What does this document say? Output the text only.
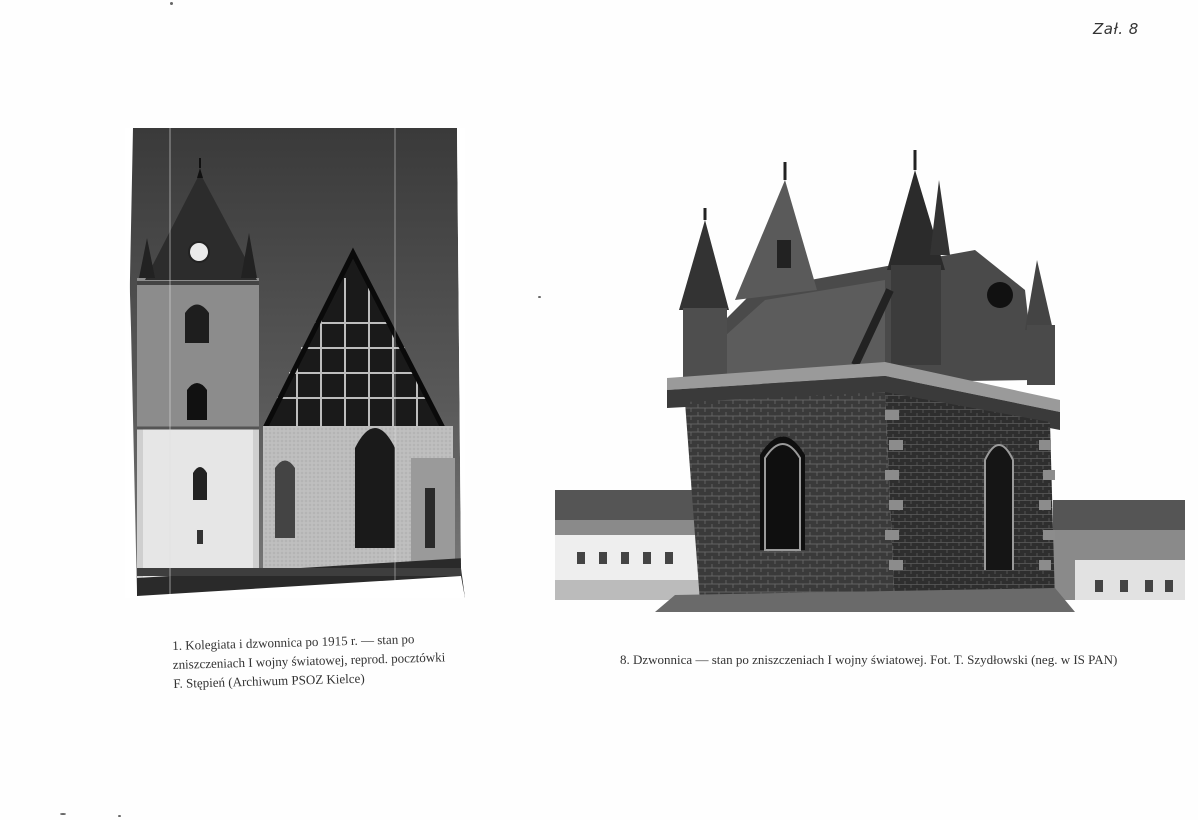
Zał. 8
1. Kolegiata i dzwonnica po 1915 r. — stan po
zniszczeniach I wojny światowej, reprod. pocztówki
F. Stępień (Archiwum PSOZ Kielce)
8. Dzwonnica — stan po zniszczeniach I wojny światowej. Fot. T. Szydłowski (neg. w IS PAN)
